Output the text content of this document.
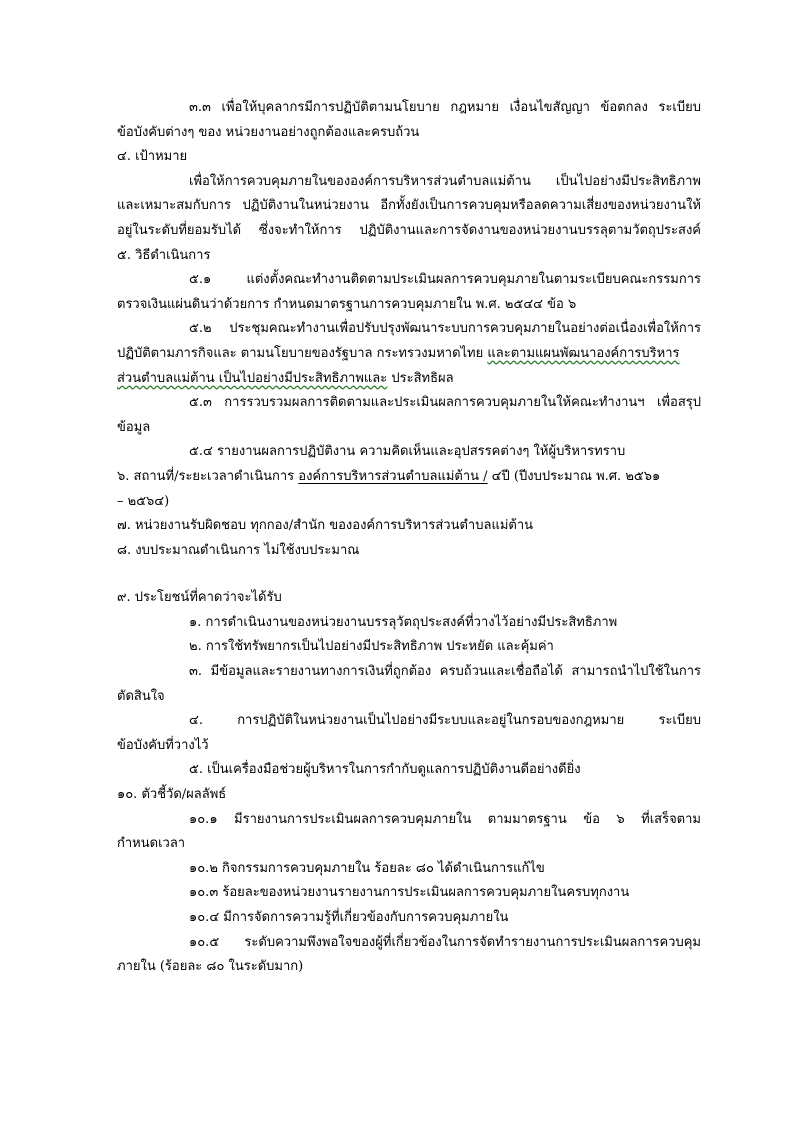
๓.๓ เพื่อให้บุคลากรมีการปฏิบัติตามนโยบาย กฎหมาย เงื่อนไขสัญญา ข้อตกลง ระเบียบ
ข้อบังคับต่างๆ ของ หน่วยงานอย่างถูกต้องและครบถ้วน
๔. เป้าหมาย
เพื่อให้การควบคุมภายในขององค์การบริหารส่วนตำบลแม่ต้าน เป็นไปอย่างมีประสิทธิภาพ
และเหมาะสมกับการ ปฏิบัติงานในหน่วยงาน อีกทั้งยังเป็นการควบคุมหรือลดความเสี่ยงของหน่วยงานให้
อยู่ในระดับที่ยอมรับได้ ซึ่งจะทำให้การ ปฏิบัติงานและการจัดงานของหน่วยงานบรรลุตามวัตถุประสงค์
๕. วิธีดำเนินการ
๕.๑ แต่งตั้งคณะทำงานติดตามประเมินผลการควบคุมภายในตามระเบียบคณะกรรมการ
ตรวจเงินแผ่นดินว่าด้วยการ กำหนดมาตรฐานการควบคุมภายใน พ.ศ. ๒๕๔๔ ข้อ ๖
๕.๒ ประชุมคณะทำงานเพื่อปรับปรุงพัฒนาระบบการควบคุมภายในอย่างต่อเนื่องเพื่อให้การ
ปฏิบัติตามภารกิจและ ตามนโยบายของรัฐบาล กระทรวงมหาดไทย และตามแผนพัฒนาองค์การบริหาร
ส่วนตำบลแม่ต้าน เป็นไปอย่างมีประสิทธิภาพและ ประสิทธิผล
๕.๓ การรวบรวมผลการติดตามและประเมินผลการควบคุมภายในให้คณะทำงานฯ เพื่อสรุป
ข้อมูล
๕.๔ รายงานผลการปฏิบัติงาน ความคิดเห็นและอุปสรรคต่างๆ ให้ผู้บริหารทราบ
๖. สถานที่/ระยะเวลาดำเนินการ องค์การบริหารส่วนตำบลแม่ต้าน / ๔ปี (ปีงบประมาณ พ.ศ. ๒๕๖๑
– ๒๕๖๔)
๗. หน่วยงานรับผิดชอบ ทุกกอง/สำนัก ขององค์การบริหารส่วนตำบลแม่ต้าน
๘. งบประมาณดำเนินการ ไม่ใช้งบประมาณ
๙. ประโยชน์ที่คาดว่าจะได้รับ
๑. การดำเนินงานของหน่วยงานบรรลุวัตถุประสงค์ที่วางไว้อย่างมีประสิทธิภาพ
๒. การใช้ทรัพยากรเป็นไปอย่างมีประสิทธิภาพ ประหยัด และคุ้มค่า
๓. มีข้อมูลและรายงานทางการเงินที่ถูกต้อง ครบถ้วนและเชื่อถือได้ สามารถนำไปใช้ในการ
ตัดสินใจ
๔. การปฏิบัติในหน่วยงานเป็นไปอย่างมีระบบและอยู่ในกรอบของกฎหมาย ระเบียบ
ข้อบังคับที่วางไว้
๕. เป็นเครื่องมือช่วยผู้บริหารในการกำกับดูแลการปฏิบัติงานดีอย่างดียิ่ง
๑๐. ตัวชี้วัด/ผลลัพธ์
๑๐.๑ มีรายงานการประเมินผลการควบคุมภายใน ตามมาตรฐาน ข้อ ๖ ที่เสร็จตาม
กำหนดเวลา
๑๐.๒ กิจกรรมการควบคุมภายใน ร้อยละ ๘๐ ได้ดำเนินการแก้ไข
๑๐.๓ ร้อยละของหน่วยงานรายงานการประเมินผลการควบคุมภายในครบทุกงาน
๑๐.๔ มีการจัดการความรู้ที่เกี่ยวข้องกับการควบคุมภายใน
๑๐.๕ ระดับความพึงพอใจของผู้ที่เกี่ยวข้องในการจัดทำรายงานการประเมินผลการควบคุม
ภายใน (ร้อยละ ๘๐ ในระดับมาก)
